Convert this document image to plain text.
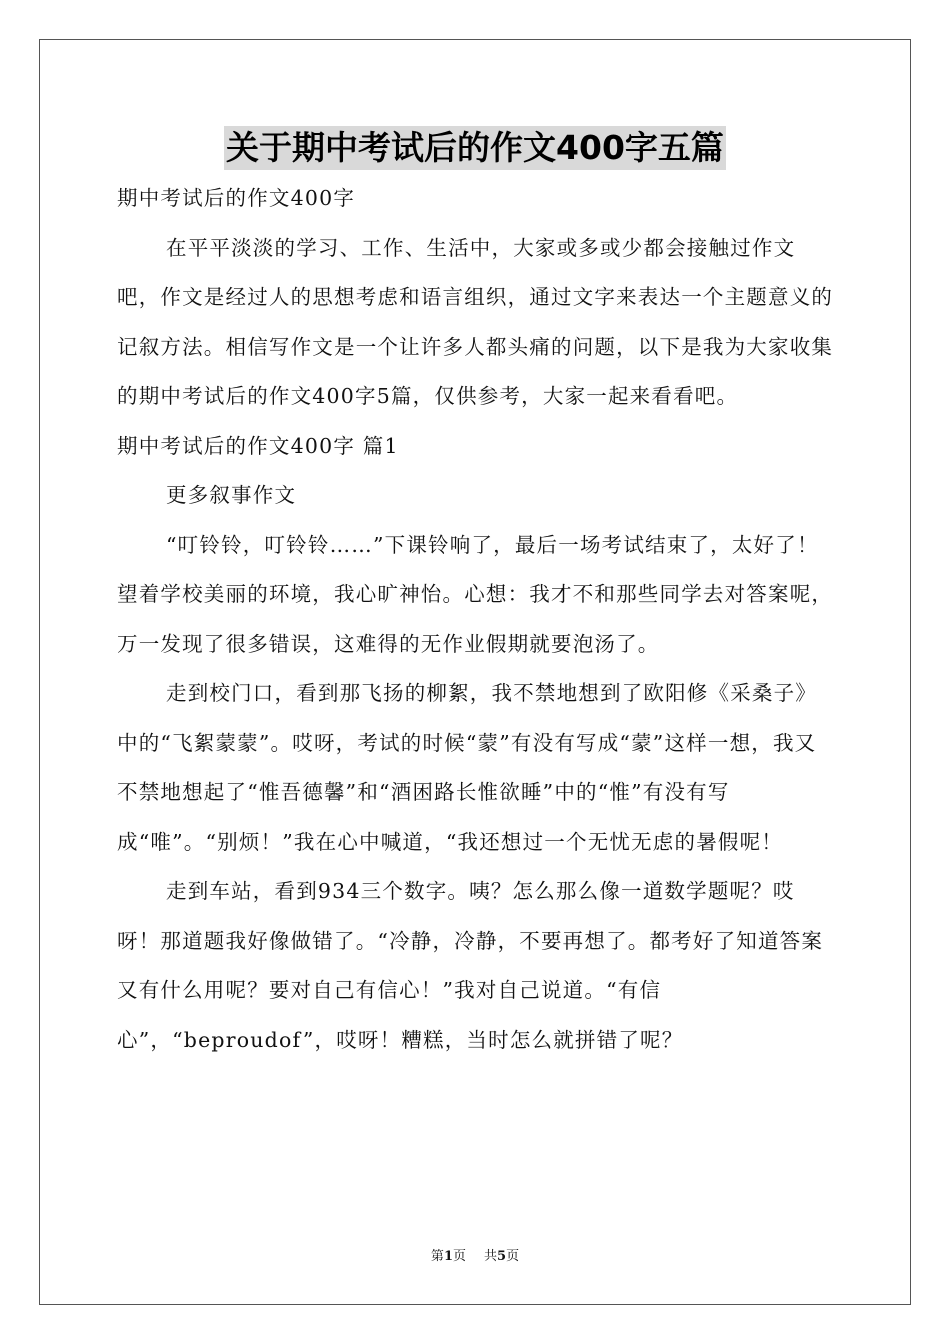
关于期中考试后的作文400字五篇

期中考试后的作文400字

在平平淡淡的学习、工作、生活中，大家或多或少都会接触过作文吧，作文是经过人的思想考虑和语言组织，通过文字来表达一个主题意义的记叙方法。相信写作文是一个让许多人都头痛的问题，以下是我为大家收集的期中考试后的作文400字5篇，仅供参考，大家一起来看看吧。

期中考试后的作文400字 篇1

更多叙事作文

“叮铃铃，叮铃铃……”下课铃响了，最后一场考试结束了，太好了！望着学校美丽的环境，我心旷神怡。心想：我才不和那些同学去对答案呢，万一发现了很多错误，这难得的无作业假期就要泡汤了。

走到校门口，看到那飞扬的柳絮，我不禁地想到了欧阳修《采桑子》中的“飞絮蒙蒙”。哎呀，考试的时候“蒙”有没有写成“蒙”这样一想，我又不禁地想起了“惟吾德馨”和“酒困路长惟欲睡”中的“惟”有没有写成“唯”。“别烦！”我在心中喊道，“我还想过一个无忧无虑的暑假呢！

走到车站，看到934三个数字。咦？怎么那么像一道数学题呢？哎呀！那道题我好像做错了。“冷静，冷静，不要再想了。都考好了知道答案又有什么用呢？要对自己有信心！”我对自己说道。“有信心”，“beproudof”，哎呀！糟糕，当时怎么就拼错了呢？

第1页 共5页
